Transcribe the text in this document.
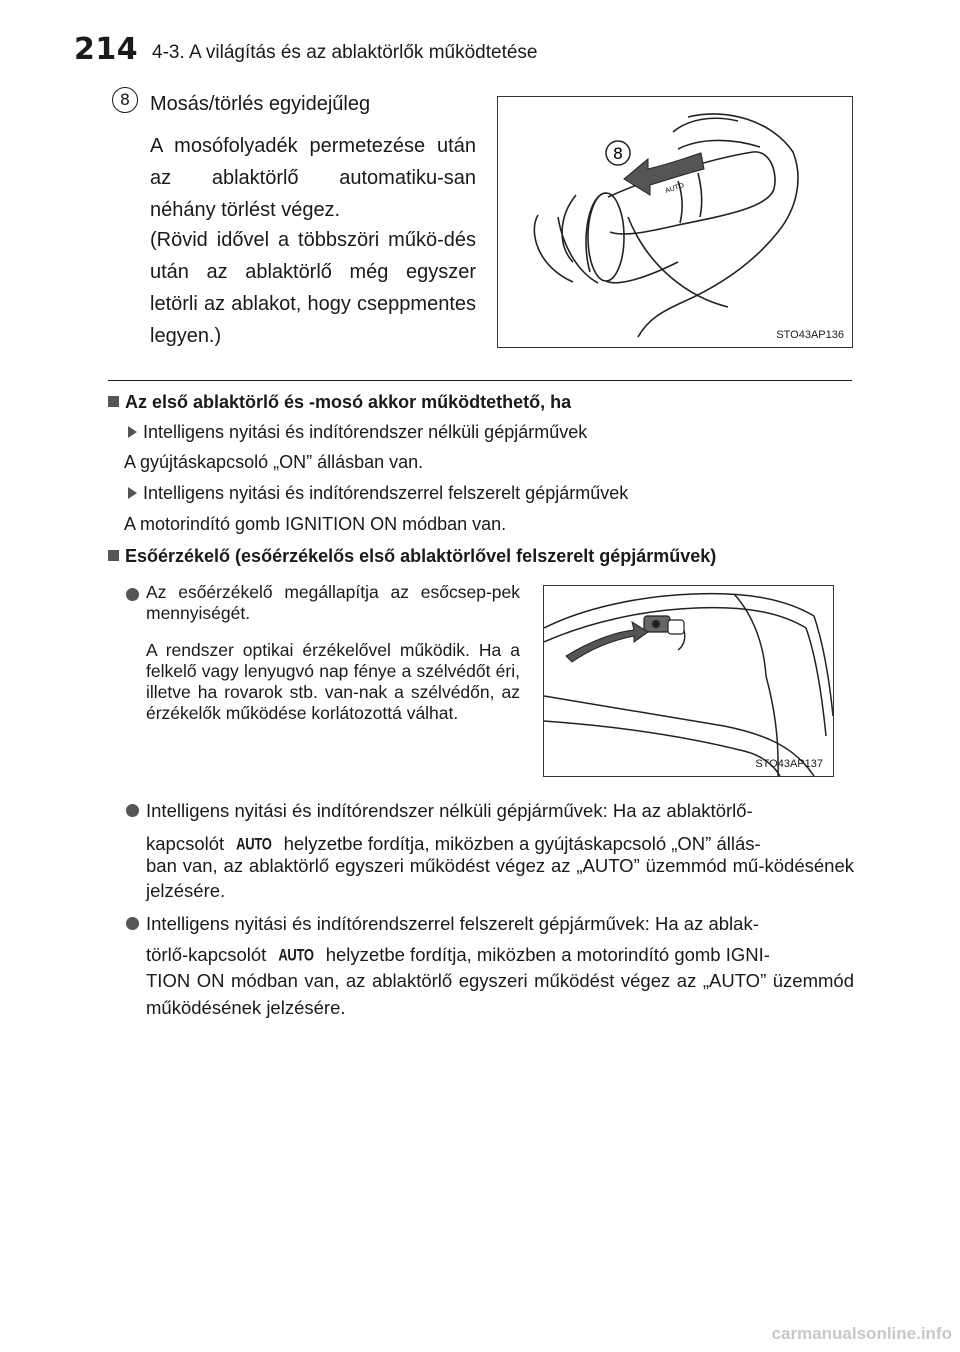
214 4-3. A világítás és az ablaktörlők működtetése
8 Mosás/törlés egyidejűleg
A mosófolyadék permetezése után az ablaktörlő automatiku-san néhány törlést végez.
(Rövid idővel a többszöri műkö-dés után az ablaktörlő még egyszer letörli az ablakot, hogy cseppmentes legyen.)
8
AUTO
STO43AP136
Az első ablaktörlő és -mosó akkor működtethető, ha
Intelligens nyitási és indítórendszer nélküli gépjárművek
A gyújtáskapcsoló „ON” állásban van.
Intelligens nyitási és indítórendszerrel felszerelt gépjárművek
A motorindító gomb IGNITION ON módban van.
Esőérzékelő (esőérzékelős első ablaktörlővel felszerelt gépjárművek)
Az esőérzékelő megállapítja az esőcsep-pek mennyiségét.
A rendszer optikai érzékelővel működik. Ha a felkelő vagy lenyugvó nap fénye a szélvédőt éri, illetve ha rovarok stb. van-nak a szélvédőn, az érzékelők működése korlátozottá válhat.
STO43AP137
Intelligens nyitási és indítórendszer nélküli gépjárművek: Ha az ablaktörlő-
kapcsolót AUTO helyzetbe fordítja, miközben a gyújtáskapcsoló „ON” állás-
ban van, az ablaktörlő egyszeri működést végez az „AUTO” üzemmód mű-ködésének jelzésére.
Intelligens nyitási és indítórendszerrel felszerelt gépjárművek: Ha az ablak-
törlő-kapcsolót AUTO helyzetbe fordítja, miközben a motorindító gomb IGNI-
TION ON módban van, az ablaktörlő egyszeri működést végez az „AUTO” üzemmód működésének jelzésére.
carmanualsonline.info
